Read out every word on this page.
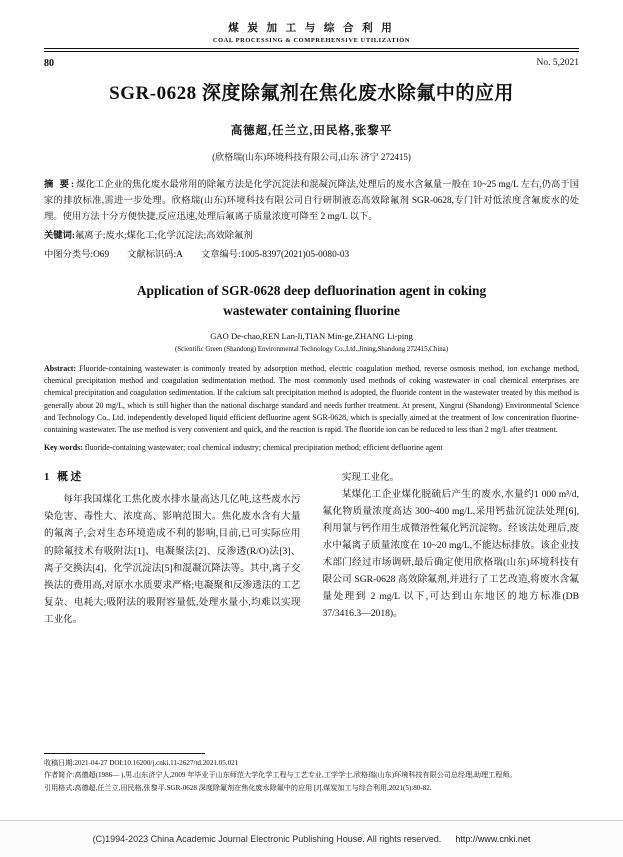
煤 炭 加 工 与 综 合 利 用
COAL PROCESSING & COMPREHENSIVE UTILIZATION
80	No. 5,2021
SGR-0628 深度除氟剂在焦化废水除氟中的应用
高德超,任兰立,田民格,张黎平
(欣格瑞(山东)环境科技有限公司,山东 济宁 272415)
摘 要:煤化工企业的焦化废水最常用的除氟方法是化学沉淀法和混凝沉降法,处理后的废水含氟量一般在 10~25 mg/L 左右,仍高于国家的排放标准,需进一步处理。欣格瑞(山东)环境科技有限公司自行研制液态高效除氟剂 SGR-0628,专门针对低浓度含氟废水的处理。使用方法十分方便快捷,反应迅速,处理后氟离子质量浓度可降至 2 mg/L 以下。
关键词:氟离子;废水;煤化工;化学沉淀法;高效除氟剂
中图分类号:O69 文献标识码:A 文章编号:1005-8397(2021)05-0080-03
Application of SGR-0628 deep defluorination agent in coking
wastewater containing fluorine
GAO De-chao,REN Lan-li,TIAN Min-ge,ZHANG Li-ping
(Scientific Green (Shandong) Environmental Technology Co.,Ltd.,Jining,Shandong 272415,China)
Abstract: Fluoride-containing wastewater is commonly treated by adsorption method, electric coagulation method, reverse osmosis method, ion exchange method, chemical precipitation method and coagulation sedimentation method. The most commonly used methods of coking wastewater in coal chemical enterprises are chemical precipitation and coagulation sedimentation. If the calcium salt precipitation method is adopted, the fluoride content in the wastewater treated by this method is generally about 20 mg/L, which is still higher than the national discharge standard and needs further treatment. At present, Xingrui (Shandong) Environmental Science and Technology Co., Ltd. independently developed liquid efficient defluorine agent SGR-0628, which is specially aimed at the treatment of low concentration fluorine-containing wastewater. The use method is very convenient and quick, and the reaction is rapid. The fluoride ion can be reduced to less than 2 mg/L after treatment.
Key words: fluoride-containing wastewater; coal chemical industry; chemical precipitation method; efficient defluorine agent
1 概 述
每年我国煤化工焦化废水排水量高达几亿吨,这些废水污染危害、毒性大、浓度高、影响范围大。焦化废水含有大量的氟离子,会对生态环境造成不利的影响,目前,已可实际应用的除氟技术有吸附法[1]、电凝聚法[2]、反渗透(R/O)法[3]、离子交换法[4]、化学沉淀法[5]和混凝沉降法等。其中,离子交换法的费用高,对原水水质要求严格;电凝聚和反渗透法的工艺复杂、电耗大;吸附法的吸附容量低,处理水量小,均难以实现工业化。
实现工业化。
某煤化工企业煤化脱硫后产生的废水,水量约1 000 m³/d,氟化物质量浓度高达 300~400 mg/L,采用钙盐沉淀法处理[6],利用氯与钙作用生成微溶性氟化钙沉淀物。经该法处理后,废水中氟离子质量浓度在 10~20 mg/L,不能达标排放。该企业技术部门经过市场调研,最后确定使用欣格瑞(山东)环境科技有限公司 SGR-0628 高效除氟剂,并进行了工艺改造,将废水含氟量处理到 2 mg/L 以下,可达到山东地区的地方标准(DB 37/3416.3—2018)。
收稿日期:2021-04-27 DOI:10.16200/j.cnki.11-2627/td.2021.05.021
作者简介:高德超(1986— ),男,山东济宁人,2009 年毕业于山东师范大学化学工程与工艺专业,工学学士,欣格瑞(山东)环境科技有限公司总经理,助理工程师。
引用格式:高德超,任兰立,田民格,张黎平.SGR-0628 深度除氟剂在焦化废水除氟中的应用 [J].煤炭加工与综合利用,2021(5):80-82.
(C)1994-2023 China Academic Journal Electronic Publishing House. All rights reserved. http://www.cnki.net
